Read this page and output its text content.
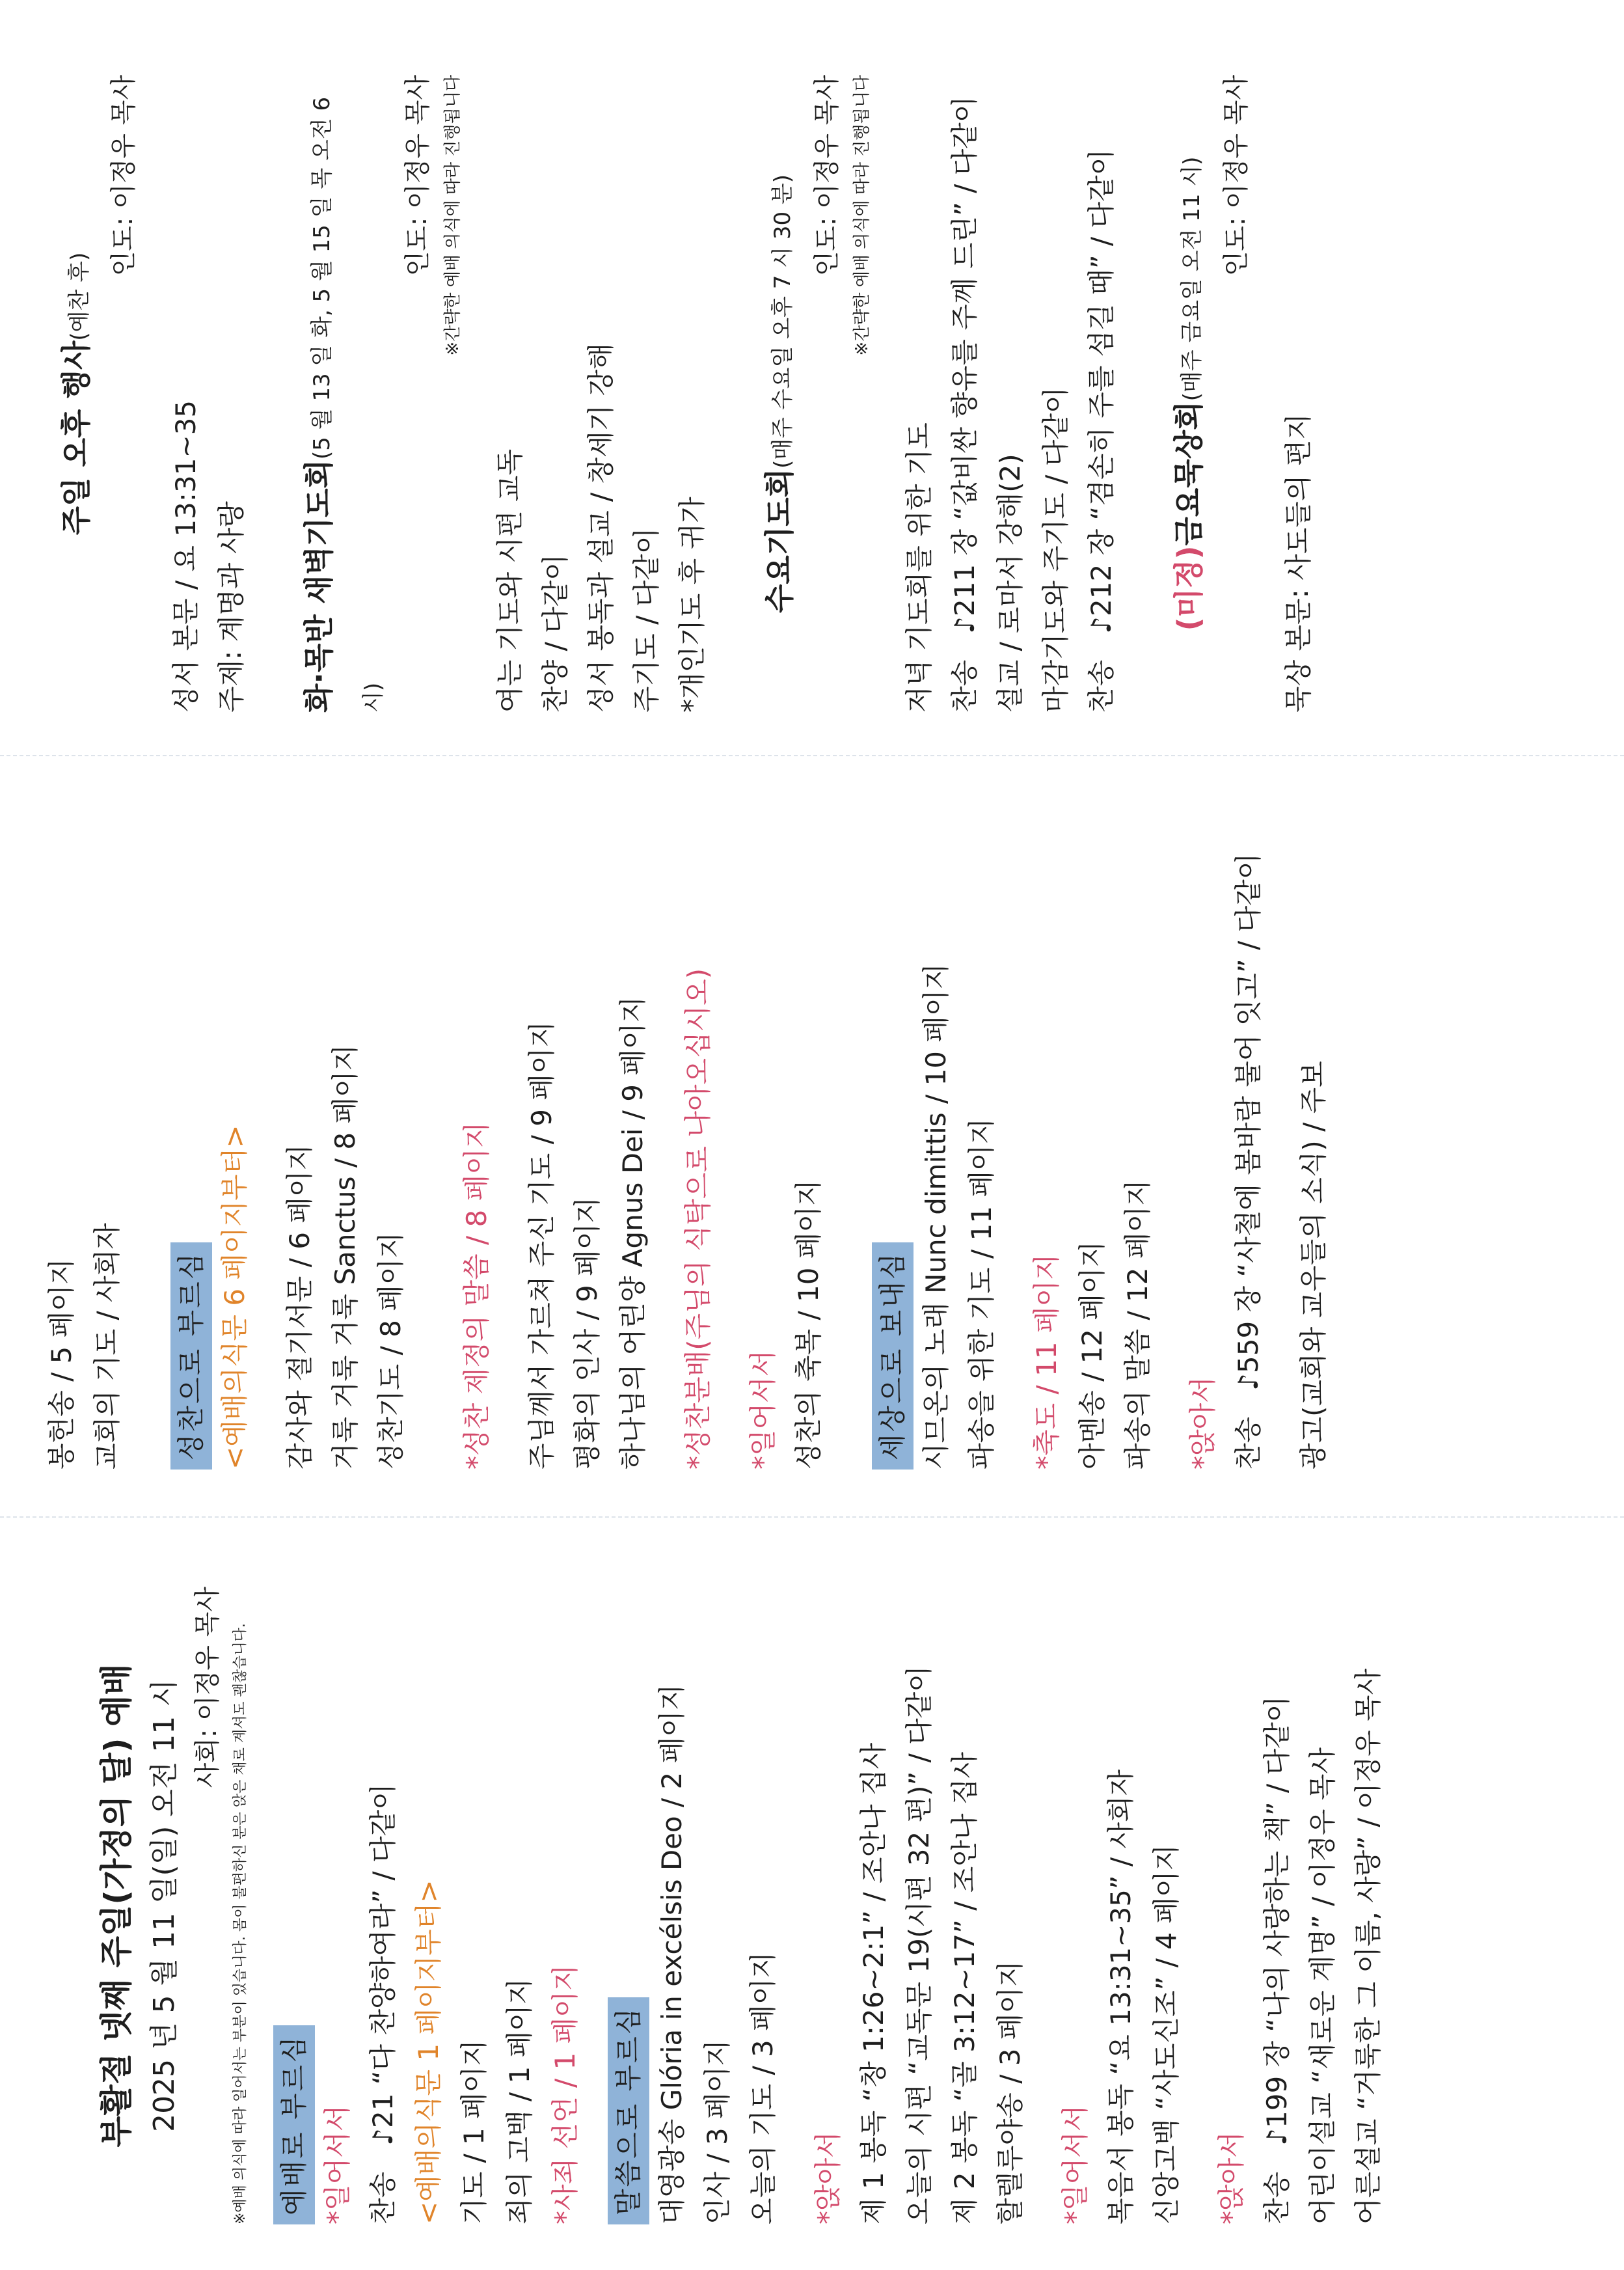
부활절 넷째 주일(가정의 달) 예배 2025 년 5 월 11 일(일) 오전 11 시 사회: 이정우 목사 ※예배 의식에 따라 일어서는 부분이 있습니다. 몸이 불편하신 분은 앉은 채로 계셔도 괜찮습니다. 예배로 부르심 *일어서서 찬송   ♪21 “다 찬양하여라” / 다같이 <예배의식문 1 페이지부터> 기도 / 1 페이지 죄의 고백 / 1 페이지 *사죄 선언 / 1 페이지 말씀으로 부르심 대영광송 Glória in excélsis Deo / 2 페이지 인사 / 3 페이지 오늘의 기도 / 3 페이지 *앉아서 제 1 봉독 “창 1:26~2:1” / 조안나 집사 오늘의 시편 “교독문 19(시편 32 편)” / 다같이 제 2 봉독 “골 3:12~17” / 조안나 집사 할렐루야송 / 3 페이지 *일어서서 복음서 봉독 “요 13:31~35” / 사회자 신앙고백 “사도신조” / 4 페이지 *앉아서 찬송   ♪199 장 “나의 사랑하는 책” / 다같이 어린이설교 “새로운 계명” / 이정우 목사 어른설교 “거룩한 그 이름, 사랑” / 이정우 목사
봉헌송 / 5 페이지 교회의 기도 / 사회자 성찬으로 부르심 <예배의식문 6 페이지부터> 감사와 절기서문 / 6 페이지 거룩 거룩 거룩 Sanctus / 8 페이지 성찬기도 / 8 페이지 *성찬 제정의 말씀 / 8 페이지 주님께서 가르쳐 주신 기도 / 9 페이지 평화의 인사 / 9 페이지 하나님의 어린양 Agnus Dei / 9 페이지 *성찬분배(주님의 식탁으로 나아오십시오) *일어서서 성찬의 축복 / 10 페이지 세상으로 보내심 시므온의 노래 Nunc dimittis / 10 페이지 파송을 위한 기도 / 11 페이지 *축도 / 11 페이지 아멘송 / 12 페이지 파송의 말씀 / 12 페이지 *앉아서 찬송   ♪559 장 “사철에 봄바람 불어 잇고” / 다같이 광고(교회와 교우들의 소식) / 주보
주일 오후 행사(예찬 후)
인도: 이정우 목사
성서 본문 / 요 13:31~35 주제: 계명과 사랑 화·목반 새벽기도회(5 월 13 일 화, 5 월 15 일 목 오전 6 시)
인도: 이정우 목사 ※간략한 예배 의식에 따라 진행됩니다
여는 기도와 시편 교독 찬양 / 다같이 성서 봉독과 설교 / 창세기 강해 주기도 / 다같이 *개인기도 후 귀가 수요기도회(매주 수요일 오후 7 시 30 분) 인도: 이정우 목사 ※간략한 예배 의식에 따라 진행됩니다
저녁 기도회를 위한 기도 찬송   ♪211 장 “값비싼 향유를 주께 드린” / 다같이 설교 / 로마서 강해(2) 마감기도와 주기도 / 다같이 찬송   ♪212 장 “겸손히 주를 섬길 때” / 다같이 (미정)금요묵상회(매주 금요일 오전 11 시) 인도: 이정우 목사
묵상 본문: 사도들의 편지
